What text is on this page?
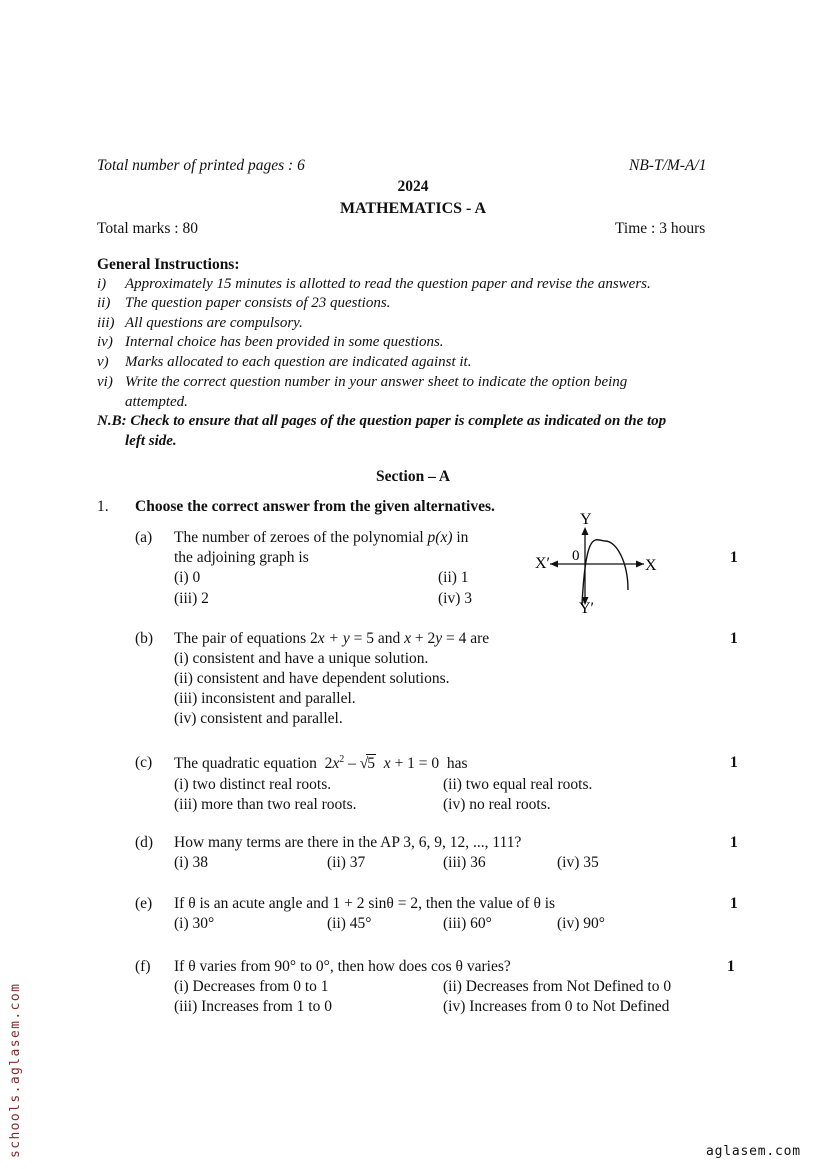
Total number of printed pages : 6	NB-T/M-A/1
2024
MATHEMATICS - A
Total marks : 80	Time : 3 hours
General Instructions:
i) Approximately 15 minutes is allotted to read the question paper and revise the answers.
ii) The question paper consists of 23 questions.
iii) All questions are compulsory.
iv) Internal choice has been provided in some questions.
v) Marks allocated to each question are indicated against it.
vi) Write the correct question number in your answer sheet to indicate the option being
attempted.
N.B: Check to ensure that all pages of the question paper is complete as indicated on the top
left side.
Section – A
1. Choose the correct answer from the given alternatives.
(a) The number of zeroes of the polynomial p(x) in
the adjoining graph is
(i) 0	(ii) 1
(iii) 2	(iv) 3
1
Y
Y′
X
X′ 0
(b) The pair of equations 2x + y = 5 and x + 2y = 4 are	1
(i) consistent and have a unique solution.
(ii) consistent and have dependent solutions.
(iii) inconsistent and parallel.
(iv) consistent and parallel.
(c) The quadratic equation $2x^2 - √5$ x + 1 = 0 has	1
(i) two distinct real roots.	(ii) two equal real roots.
(iii) more than two real roots.	(iv) no real roots.
(d) How many terms are there in the AP 3, 6, 9, 12, ..., 111?	1
(i) 38	(ii) 37	(iii) 36	(iv) 35
(e) If θ is an acute angle and 1 + 2 sinθ = 2, then the value of θ is	1
(i) 30°	(ii) 45°	(iii) 60°	(iv) 90°
(f) If θ varies from 90° to 0°, then how does cos θ varies?	1
(i) Decreases from 0 to 1	(ii) Decreases from Not Defined to 0
(iii) Increases from 1 to 0	(iv) Increases from 0 to Not Defined
schools.aglasem.com	aglasem.com
